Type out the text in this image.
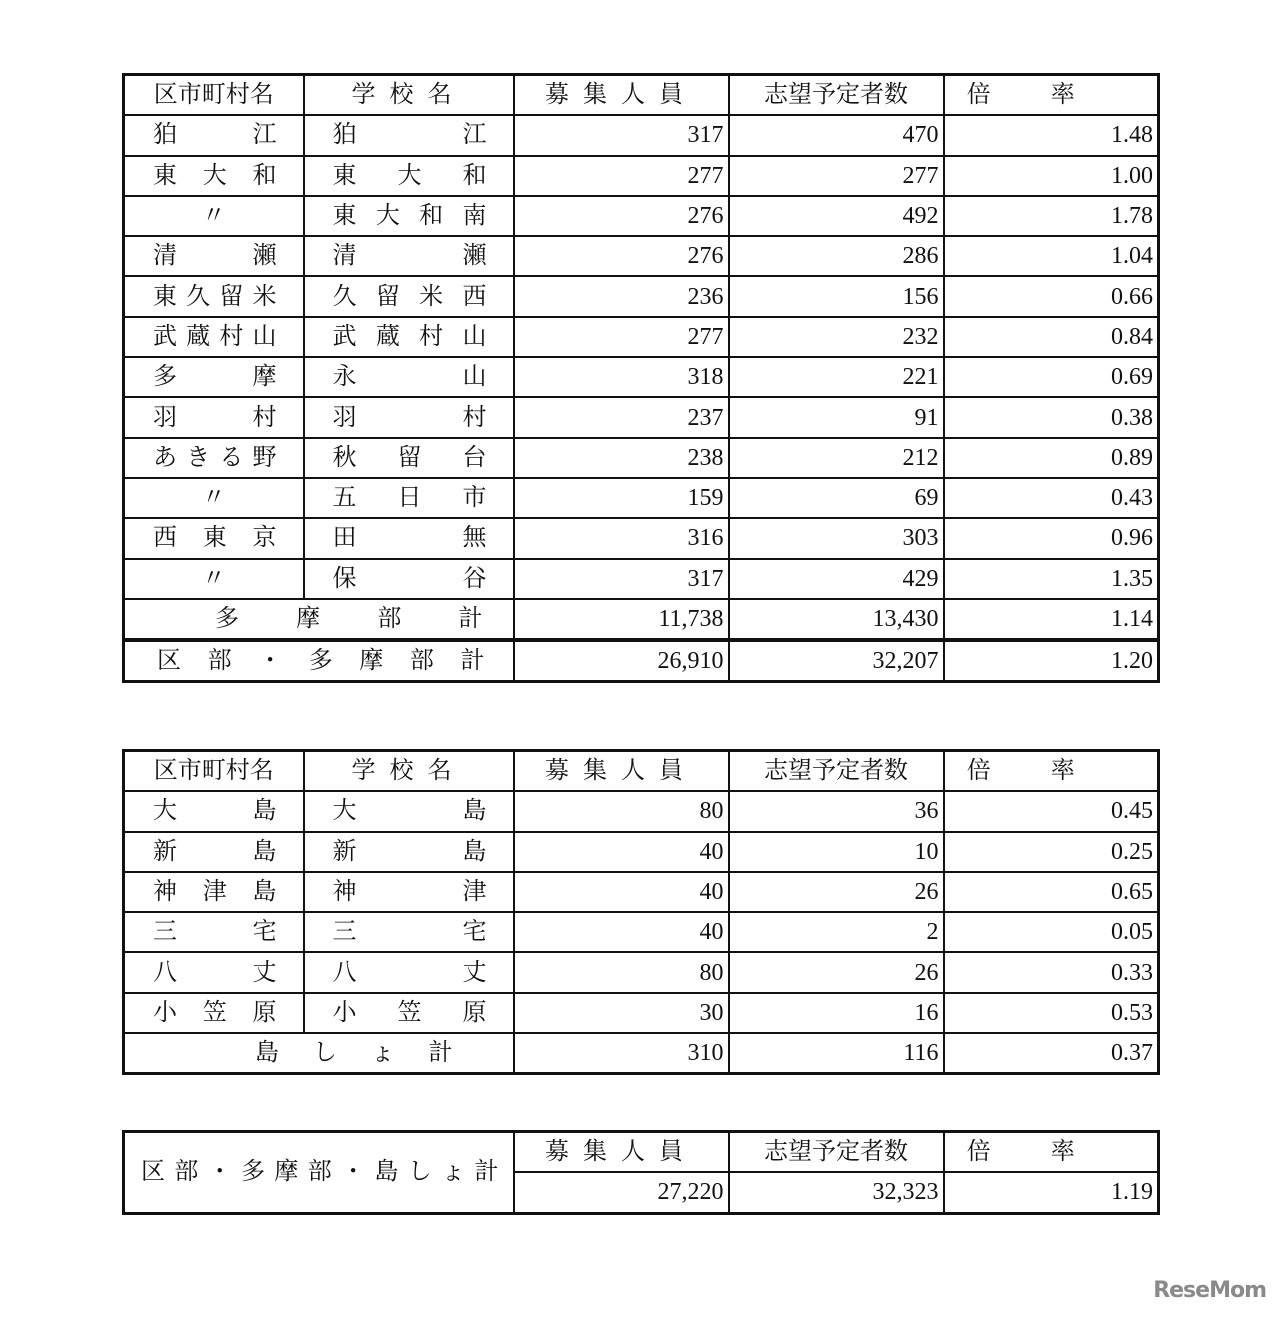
区市町村名	学校名	募集人員	志望予定者数	倍率
狛江	狛江	317	470	1.48
東大和	東大和	277	277	1.00
〃	東大和南	276	492	1.78
清瀬	清瀬	276	286	1.04
東久留米	久留米西	236	156	0.66
武蔵村山	武蔵村山	277	232	0.84
多摩	永山	318	221	0.69
羽村	羽村	237	91	0.38
あきる野	秋留台	238	212	0.89
〃	五日市	159	69	0.43
西東京	田無	316	303	0.96
〃	保谷	317	429	1.35
多摩部計		11,738	13,430	1.14
区部・多摩部計		26,910	32,207	1.20
区市町村名	学校名	募集人員	志望予定者数	倍率
大島	大島	80	36	0.45
新島	新島	40	10	0.25
神津島	神津	40	26	0.65
三宅	三宅	40	2	0.05
八丈	八丈	80	26	0.33
小笠原	小笠原	30	16	0.53
島しょ計		310	116	0.37
区部・多摩部・島しょ計	募集人員	志望予定者数	倍率
	27,220	32,323	1.19
ReseMom
